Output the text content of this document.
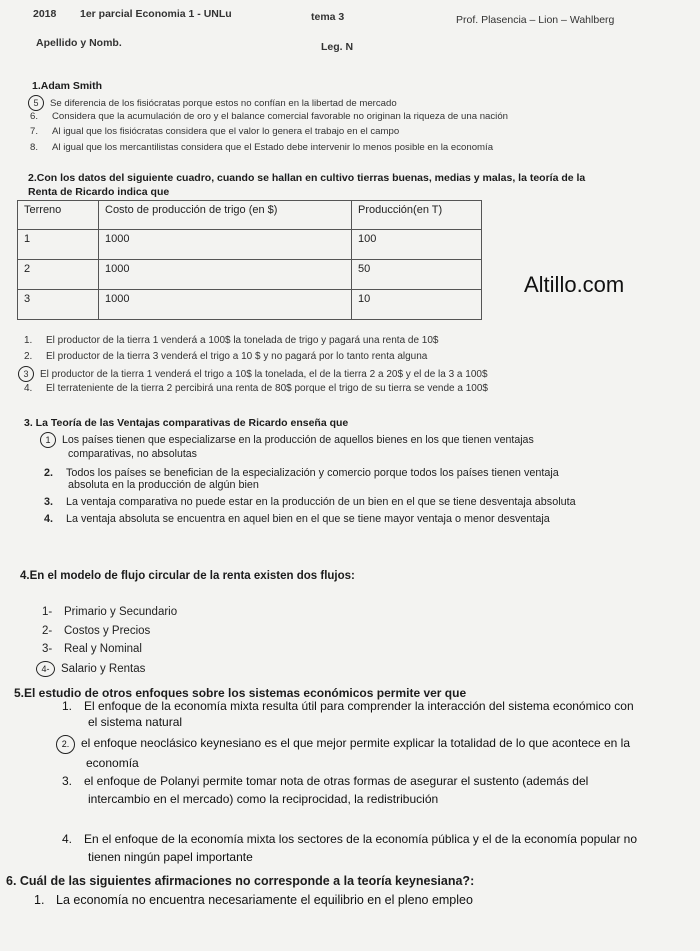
2018 1er parcial Economia 1 - UNLu	tema 3	Prof. Plasencia – Lion – Wahlberg
Apellido y Nomb.	Leg. N
1.Adam Smith
5 Se diferencia de los fisiócratas porque estos no confían en la libertad de mercado
6. Considera que la acumulación de oro y el balance comercial favorable no originan la riqueza de una nación
7. Al igual que los fisiócratas considera que el valor lo genera el trabajo en el campo
8. Al igual que los mercantilistas considera que el Estado debe intervenir lo menos posible en la economía
2.Con los datos del siguiente cuadro, cuando se hallan en cultivo tierras buenas, medias y malas, la teoría de la
Renta de Ricardo indica que
Terreno	Costo de producción de trigo (en $)	Producción(en T)
1	1000	100
2	1000	50
3	1000	10
Altillo.com
1. El productor de la tierra 1 venderá a 100$ la tonelada de trigo y pagará una renta de 10$
2. El productor de la tierra 3 venderá el trigo a 10 $ y no pagará por lo tanto renta alguna
3 El productor de la tierra 1 venderá el trigo a 10$ la tonelada, el de la tierra 2 a 20$ y el de la 3 a 100$
4. El terrateniente de la tierra 2 percibirá una renta de 80$ porque el trigo de su tierra se vende a 100$
3. La Teoría de las Ventajas comparativas de Ricardo enseña que
1 Los países tienen que especializarse en la producción de aquellos bienes en los que tienen ventajas
comparativas, no absolutas
2. Todos los países se benefician de la especialización y comercio porque todos los países tienen ventaja
absoluta en la producción de algún bien
3. La ventaja comparativa no puede estar en la producción de un bien en el que se tiene desventaja absoluta
4. La ventaja absoluta se encuentra en aquel bien en el que se tiene mayor ventaja o menor desventaja
4.En el modelo de flujo circular de la renta existen dos flujos:
1- Primario y Secundario
2- Costos y Precios
3- Real y Nominal
4- Salario y Rentas
5.El estudio de otros enfoques sobre los sistemas económicos permite ver que
1. El enfoque de la economía mixta resulta útil para comprender la interacción del sistema económico con
el sistema natural
2. el enfoque neoclásico keynesiano es el que mejor permite explicar la totalidad de lo que acontece en la
economía
3. el enfoque de Polanyi permite tomar nota de otras formas de asegurar el sustento (además del
intercambio en el mercado) como la reciprocidad, la redistribución
4. En el enfoque de la economía mixta los sectores de la economía pública y el de la economía popular no
tienen ningún papel importante
6. Cuál de las siguientes afirmaciones no corresponde a la teoría keynesiana?:
1. La economía no encuentra necesariamente el equilibrio en el pleno empleo
